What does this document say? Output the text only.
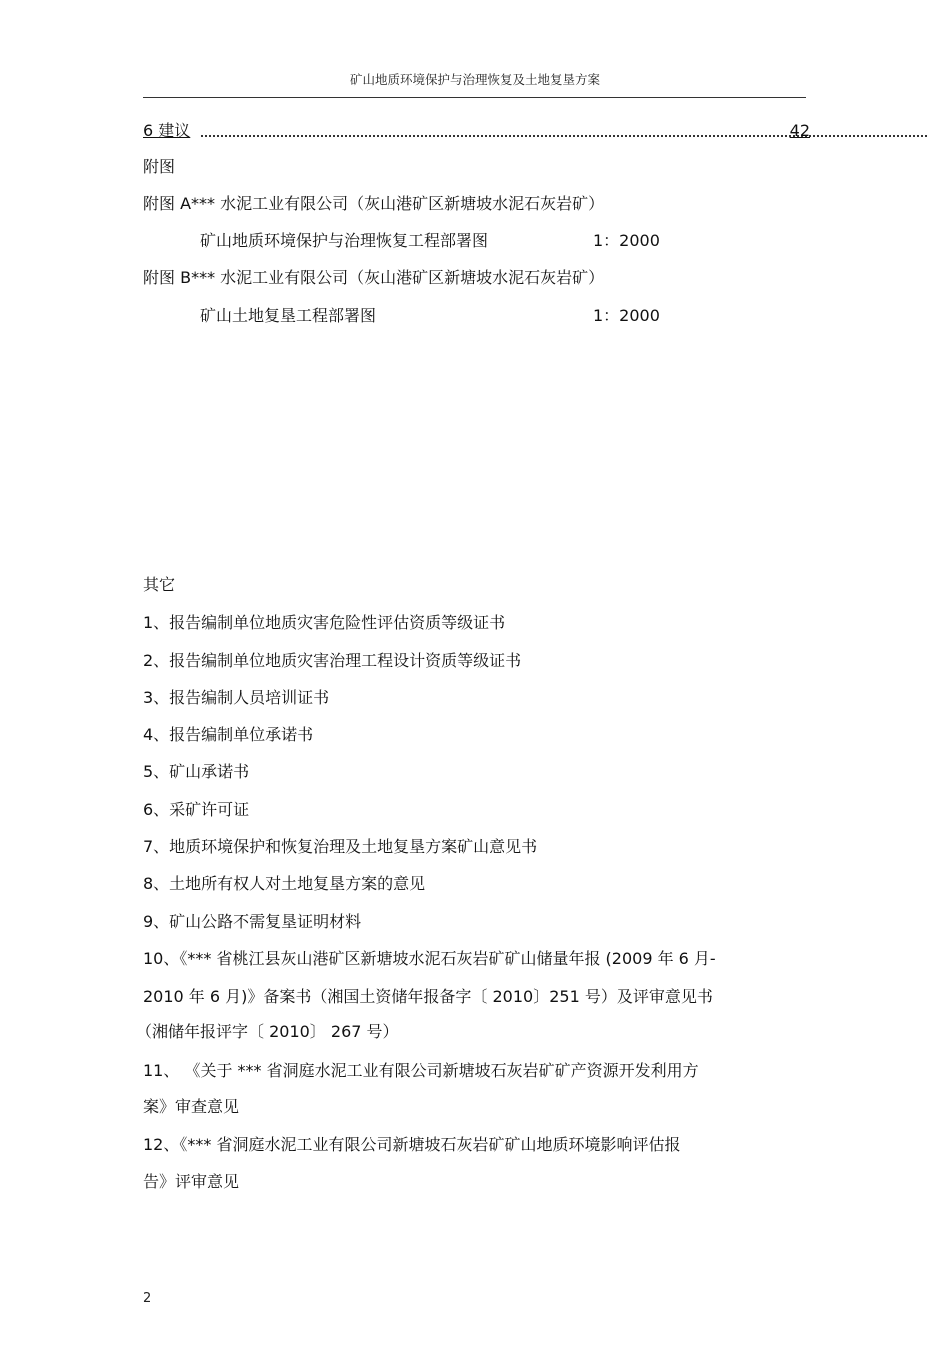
矿山地质环境保护与治理恢复及土地复垦方案
6 建议	42
附图
附图 A*** 水泥工业有限公司（灰山港矿区新塘坡水泥石灰岩矿）
矿山地质环境保护与治理恢复工程部署图	1：2000
附图 B*** 水泥工业有限公司（灰山港矿区新塘坡水泥石灰岩矿）
矿山土地复垦工程部署图	1：2000
其它
1、报告编制单位地质灾害危险性评估资质等级证书
2、报告编制单位地质灾害治理工程设计资质等级证书
3、报告编制人员培训证书
4、报告编制单位承诺书
5、矿山承诺书
6、采矿许可证
7、地质环境保护和恢复治理及土地复垦方案矿山意见书
8、土地所有权人对土地复垦方案的意见
9、矿山公路不需复垦证明材料
10、《*** 省桃江县灰山港矿区新塘坡水泥石灰岩矿矿山储量年报 (2009 年 6 月-
2010 年 6 月)》备案书（湘国土资储年报备字〔 2010〕251 号）及评审意见书
（湘储年报评字〔 2010〕 267 号）
11、 《关于 *** 省洞庭水泥工业有限公司新塘坡石灰岩矿矿产资源开发利用方
案》审查意见
12、《*** 省洞庭水泥工业有限公司新塘坡石灰岩矿矿山地质环境影响评估报
告》评审意见
2
